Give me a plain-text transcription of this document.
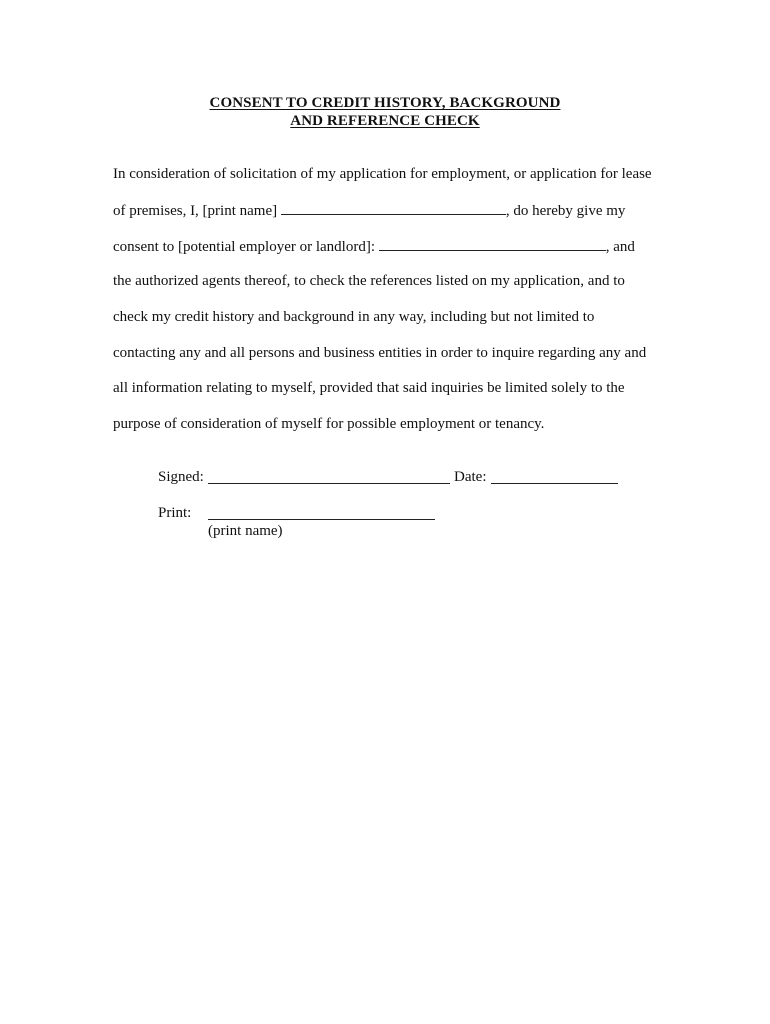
CONSENT TO CREDIT HISTORY, BACKGROUND
AND REFERENCE CHECK
In consideration of solicitation of my application for employment, or application for lease
of premises, I, [print name]	, do hereby give my
consent to [potential employer or landlord]:	, and
the authorized agents thereof, to check the references listed on my application, and to
check my credit history and background in any way, including but not limited to
contacting any and all persons and business entities in order to inquire regarding any and
all information relating to myself, provided that said inquiries be limited solely to the
purpose of consideration of myself for possible employment or tenancy.
Signed:	Date:
Print:
(print name)
